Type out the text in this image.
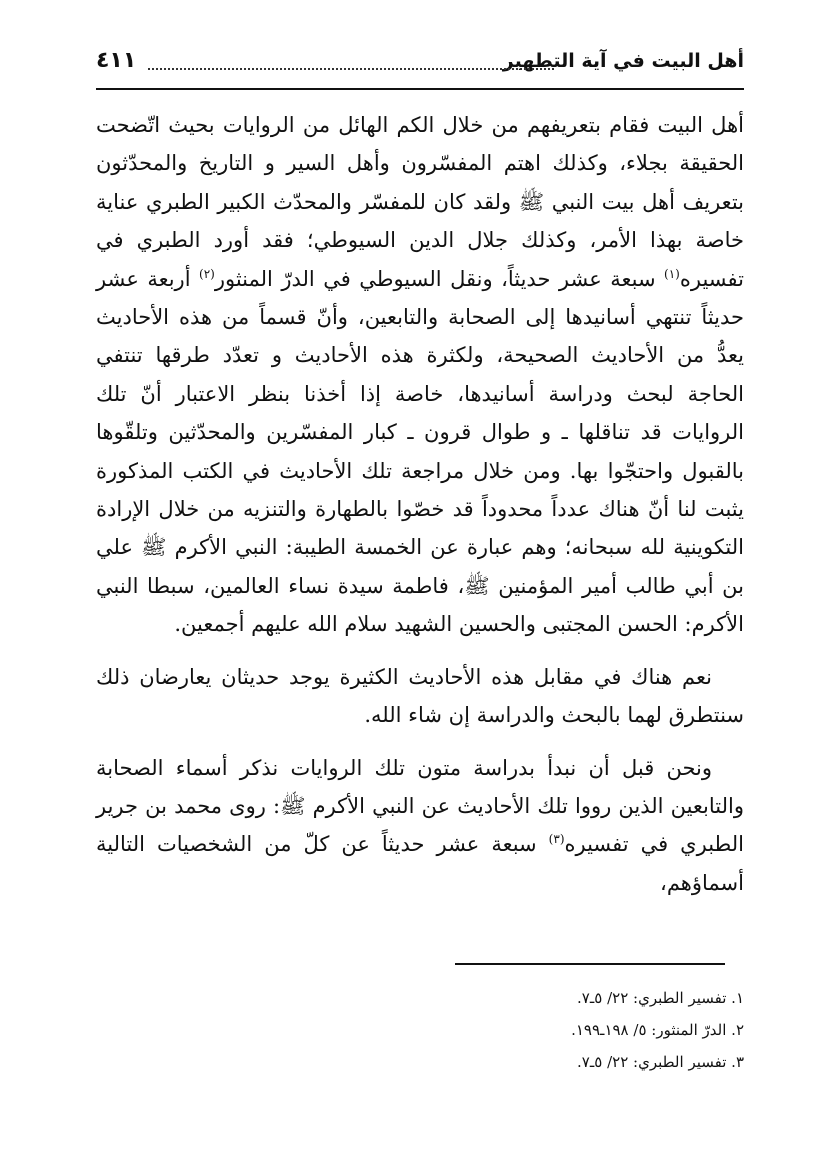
أهل البيت في آية التطهير
٤١١

أهل البيت فقام بتعريفهم من خلال الكم الهائل من الروايات بحيث اتّضحت الحقيقة بجلاء، وكذلك اهتم المفسّرون وأهل السير و التاريخ والمحدّثون بتعريف أهل بيت النبي ﷺ ولقد كان للمفسّر والمحدّث الكبير الطبري عناية خاصة بهذا الأمر، وكذلك جلال الدين السيوطي؛ فقد أورد الطبري في تفسيره$^{(١)}$ سبعة عشر حديثاً، ونقل السيوطي في الدرّ المنثور$^{(٢)}$ أربعة عشر حديثاً تنتهي أسانيدها إلى الصحابة والتابعين، وأنّ قسماً من هذه الأحاديث يعدُّ من الأحاديث الصحيحة، ولكثرة هذه الأحاديث و تعدّد طرقها تنتفي الحاجة لبحث ودراسة أسانيدها، خاصة إذا أخذنا بنظر الاعتبار أنّ تلك الروايات قد تناقلها ـ و طوال قرون ـ كبار المفسّرين والمحدّثين وتلقّوها بالقبول واحتجّوا بها. ومن خلال مراجعة تلك الأحاديث في الكتب المذكورة يثبت لنا أنّ هناك عدداً محدوداً قد خصّوا بالطهارة والتنزيه من خلال الإرادة التكوينية لله سبحانه؛ وهم عبارة عن الخمسة الطيبة: النبي الأكرم ﷺ علي بن أبي طالب أمير المؤمنين ﷺ، فاطمة سيدة نساء العالمين، سبطا النبي الأكرم: الحسن المجتبى والحسين الشهيد سلام الله عليهم أجمعين.

نعم هناك في مقابل هذه الأحاديث الكثيرة يوجد حديثان يعارضان ذلك سنتطرق لهما بالبحث والدراسة إن شاء الله.

ونحن قبل أن نبدأ بدراسة متون تلك الروايات نذكر أسماء الصحابة والتابعين الذين رووا تلك الأحاديث عن النبي الأكرم ﷺ: روى محمد بن جرير الطبري في تفسيره$^{(٣)}$ سبعة عشر حديثاً عن كلّ من الشخصيات التالية أسماؤهم،

١. تفسير الطبري: ٢٢/ ٥ـ٧.
٢. الدرّ المنثور: ٥/ ١٩٨ـ١٩٩.
٣. تفسير الطبري: ٢٢/ ٥ـ٧.
